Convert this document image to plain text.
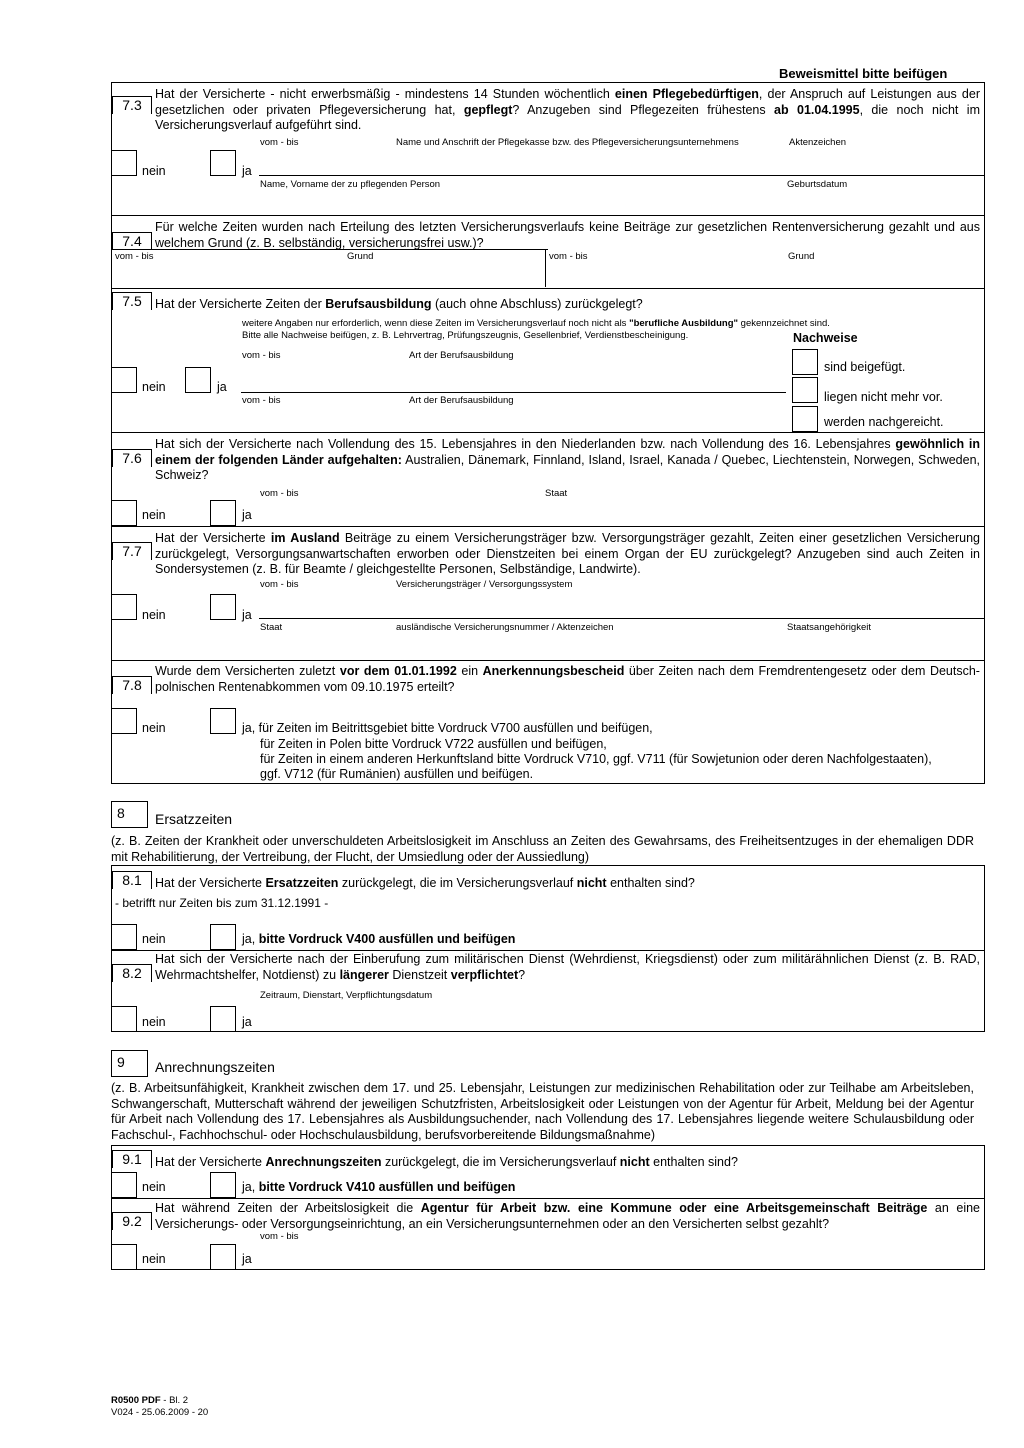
Beweismittel bitte beifügen
7.3
Hat der Versicherte - nicht erwerbsmäßig - mindestens 14 Stunden wöchentlich einen Pflegebedürftigen, der Anspruch auf Leistungen aus der gesetzlichen oder privaten Pflegeversicherung hat, gepflegt? Anzugeben sind Pflegezeiten frühestens ab 01.04.1995, die noch nicht im Versicherungsverlauf aufgeführt sind.
vom - bis	Name und Anschrift der Pflegekasse bzw. des Pflegeversicherungsunternehmens	Aktenzeichen
nein	ja
Name, Vorname der zu pflegenden Person	Geburtsdatum
Für welche Zeiten wurden nach Erteilung des letzten Versicherungsverlaufs keine Beiträge zur gesetzlichen Rentenversicherung gezahlt und aus welchem Grund (z. B. selbständig, versicherungsfrei usw.)?
7.4
vom - bis	Grund	vom - bis	Grund
7.5	Hat der Versicherte Zeiten der Berufsausbildung (auch ohne Abschluss) zurückgelegt?
weitere Angaben nur erforderlich, wenn diese Zeiten im Versicherungsverlauf noch nicht als "berufliche Ausbildung" gekennzeichnet sind.
Bitte alle Nachweise beifügen, z. B. Lehrvertrag, Prüfungszeugnis, Gesellenbrief, Verdienstbescheinigung.	Nachweise
vom - bis	Art der Berufsausbildung
sind beigefügt.
nein	ja
liegen nicht mehr vor.
vom - bis	Art der Berufsausbildung
werden nachgereicht.
Hat sich der Versicherte nach Vollendung des 15. Lebensjahres in den Niederlanden bzw. nach Vollendung des 16. Lebensjahres gewöhnlich in einem der folgenden Länder aufgehalten: Australien, Dänemark, Finnland, Island, Israel, Kanada / Quebec, Liechtenstein, Norwegen, Schweden, Schweiz?
7.6
vom - bis	Staat
nein	ja
Hat der Versicherte im Ausland Beiträge zu einem Versicherungsträger bzw. Versorgungsträger gezahlt, Zeiten einer gesetzlichen Versicherung zurückgelegt, Versorgungsanwartschaften erworben oder Dienstzeiten bei einem Organ der EU zurückgelegt? Anzugeben sind auch Zeiten in Sondersystemen (z. B. für Beamte / gleichgestellte Personen, Selbständige, Landwirte).
7.7
vom - bis	Versicherungsträger / Versorgungssystem
nein	ja
Staat	ausländische Versicherungsnummer / Aktenzeichen	Staatsangehörigkeit
Wurde dem Versicherten zuletzt vor dem 01.01.1992 ein Anerkennungsbescheid über Zeiten nach dem Fremdrentengesetz oder dem Deutsch-polnischen Rentenabkommen vom 09.10.1975 erteilt?
7.8
nein	ja, für Zeiten im Beitrittsgebiet bitte Vordruck V700 ausfüllen und beifügen,
für Zeiten in Polen bitte Vordruck V722 ausfüllen und beifügen,
für Zeiten in einem anderen Herkunftsland bitte Vordruck V710, ggf. V711 (für Sowjetunion oder deren Nachfolgestaaten),
ggf. V712 (für Rumänien) ausfüllen und beifügen.
8 Ersatzzeiten
(z. B. Zeiten der Krankheit oder unverschuldeten Arbeitslosigkeit im Anschluss an Zeiten des Gewahrsams, des Freiheitsentzuges in der ehemaligen DDR mit Rehabilitierung, der Vertreibung, der Flucht, der Umsiedlung oder der Aussiedlung)
8.1	Hat der Versicherte Ersatzzeiten zurückgelegt, die im Versicherungsverlauf nicht enthalten sind?
- betrifft nur Zeiten bis zum 31.12.1991 -
nein	ja, bitte Vordruck V400 ausfüllen und beifügen
Hat sich der Versicherte nach der Einberufung zum militärischen Dienst (Wehrdienst, Kriegsdienst) oder zum militärähnlichen Dienst (z. B. RAD, Wehrmachtshelfer, Notdienst) zu längerer Dienstzeit verpflichtet?
8.2
Zeitraum, Dienstart, Verpflichtungsdatum
nein	ja
9 Anrechnungszeiten
(z. B. Arbeitsunfähigkeit, Krankheit zwischen dem 17. und 25. Lebensjahr, Leistungen zur medizinischen Rehabilitation oder zur Teilhabe am Arbeitsleben, Schwangerschaft, Mutterschaft während der jeweiligen Schutzfristen, Arbeitslosigkeit oder Leistungen von der Agentur für Arbeit, Meldung bei der Agentur für Arbeit nach Vollendung des 17. Lebensjahres als Ausbildungsuchender, nach Vollendung des 17. Lebensjahres liegende weitere Schulausbildung oder Fachschul-, Fachhochschul- oder Hochschulausbildung, berufsvorbereitende Bildungsmaßnahme)
9.1	Hat der Versicherte Anrechnungszeiten zurückgelegt, die im Versicherungsverlauf nicht enthalten sind?
nein	ja, bitte Vordruck V410 ausfüllen und beifügen
Hat während Zeiten der Arbeitslosigkeit die Agentur für Arbeit bzw. eine Kommune oder eine Arbeitsgemeinschaft Beiträge an eine Versicherungs- oder Versorgungseinrichtung, an ein Versicherungsunternehmen oder an den Versicherten selbst gezahlt?
9.2
vom - bis
nein	ja
R0500 PDF - Bl. 2
V024 - 25.06.2009 - 20
